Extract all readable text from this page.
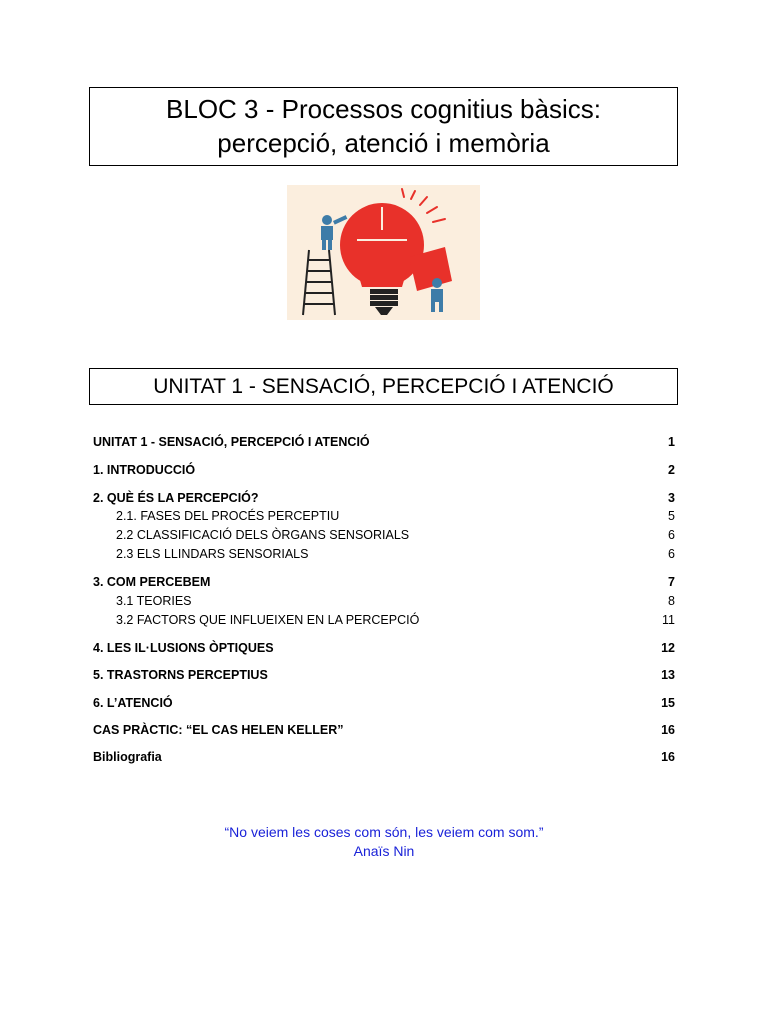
BLOC 3 - Processos cognitius bàsics:
percepció, atenció i memòria
UNITAT 1 - SENSACIÓ, PERCEPCIÓ I ATENCIÓ
UNITAT 1 - SENSACIÓ, PERCEPCIÓ I ATENCIÓ	1
1. INTRODUCCIÓ	2
2. QUÈ ÉS LA PERCEPCIÓ?	3
2.1. FASES DEL PROCÉS PERCEPTIU	5
2.2 CLASSIFICACIÓ DELS ÒRGANS SENSORIALS	6
2.3 ELS LLINDARS SENSORIALS	6
3. COM PERCEBEM	7
3.1 TEORIES	8
3.2 FACTORS QUE INFLUEIXEN EN LA PERCEPCIÓ	11
4. LES IL·LUSIONS ÒPTIQUES	12
5. TRASTORNS PERCEPTIUS	13
6. L’ATENCIÓ	15
CAS PRÀCTIC: “EL CAS HELEN KELLER”	16
Bibliografia	16
“No veiem les coses com són, les veiem com som.”
Anaïs Nin
